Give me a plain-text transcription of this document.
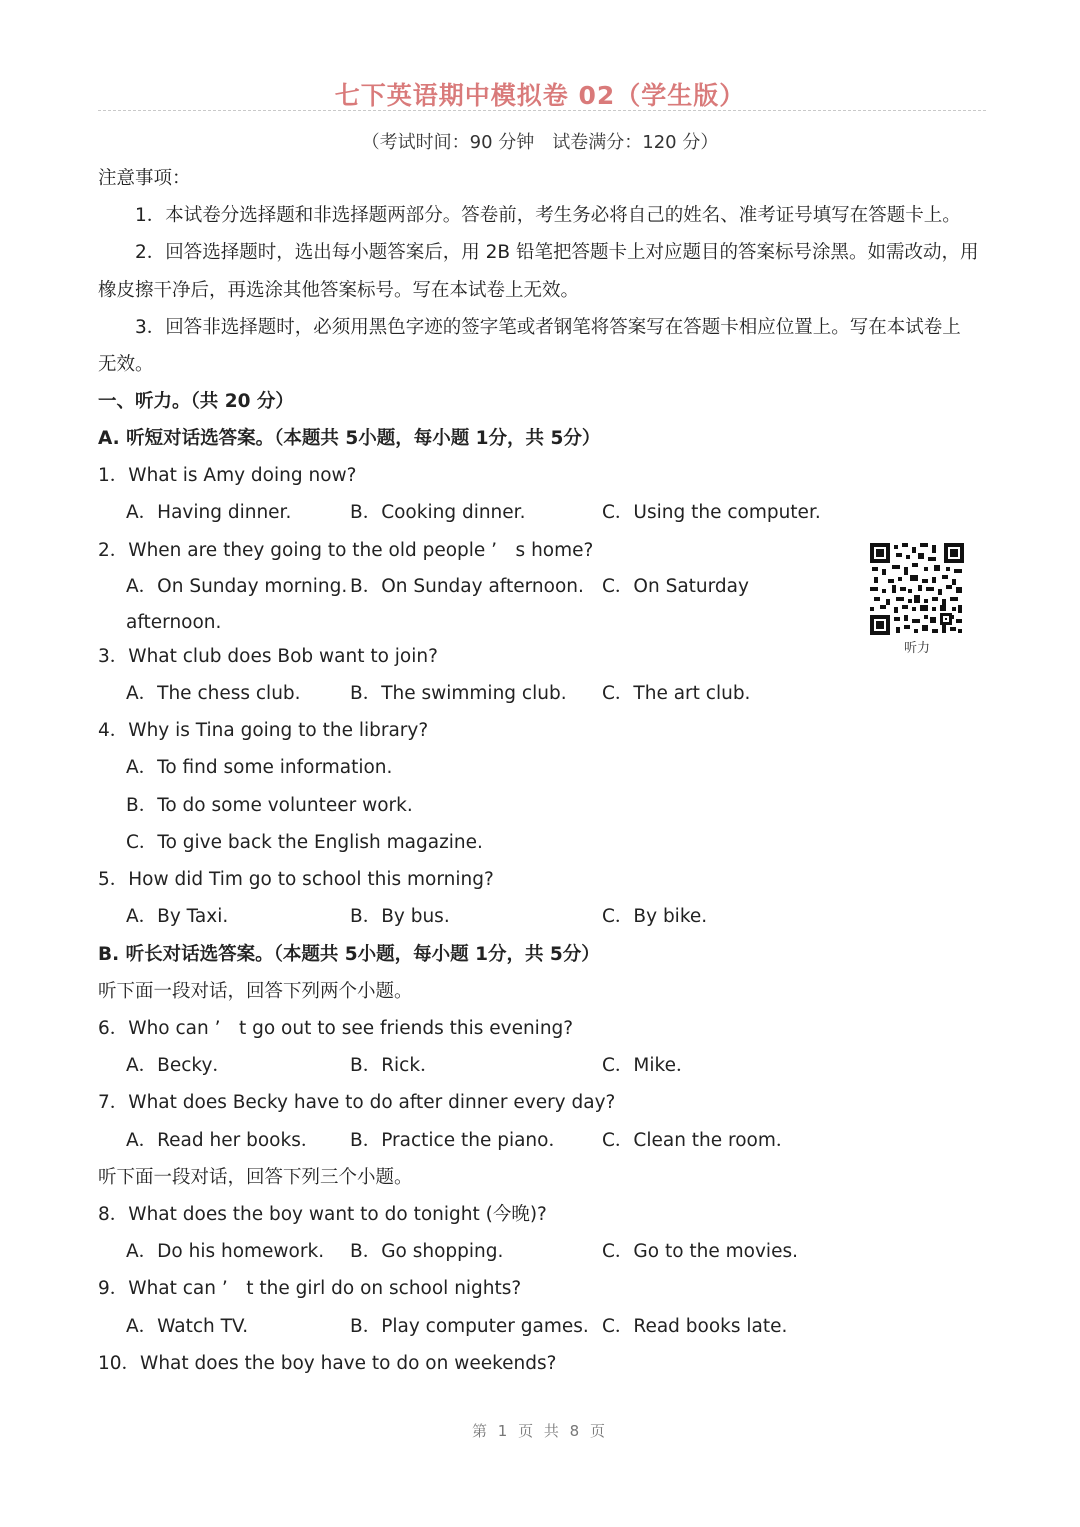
七下英语期中模拟卷 02（学生版）
（考试时间：90 分钟　试卷满分：120 分）
注意事项：
1．本试卷分选择题和非选择题两部分。答卷前，考生务必将自己的姓名、准考证号填写在答题卡上。
2．回答选择题时，选出每小题答案后，用 2B 铅笔把答题卡上对应题目的答案标号涂黑。如需改动，用
橡皮擦干净后，再选涂其他答案标号。写在本试卷上无效。
3．回答非选择题时，必须用黑色字迹的签字笔或者钢笔将答案写在答题卡相应位置上。写在本试卷上
无效。
一、听力。（共 20 分）
A. 听短对话选答案。（本题共 5小题，每小题 1分，共 5分）
1．What is Amy doing now?
A．Having dinner.	B．Cooking dinner.	C．Using the computer.
2．When are they going to the old people ’　s home?
A．On Sunday morning. B．On Sunday afternoon. C．On Saturday
afternoon.
听力
3．What club does Bob want to join?
A．The chess club.	B．The swimming club. C．The art club.
4．Why is Tina going to the library?
A．To find some information.
B．To do some volunteer work.
C．To give back the English magazine.
5．How did Tim go to school this morning?
A．By Taxi.	B．By bus.	C．By bike.
B. 听长对话选答案。（本题共 5小题，每小题 1分，共 5分）
听下面一段对话，回答下列两个小题。
6．Who can ’　t go out to see friends this evening?
A．Becky．	B．Rick．	C．Mike．
7．What does Becky have to do after dinner every day?
A．Read her books． B．Practice the piano． C．Clean the room．
听下面一段对话，回答下列三个小题。
8．What does the boy want to do tonight (今晚)?
A．Do his homework. B．Go shopping.	C．Go to the movies.
9．What can ’　t the girl do on school nights?
A．Watch TV.	B．Play computer games. C．Read books late.
10．What does the boy have to do on weekends?
第 1 页 共 8 页
